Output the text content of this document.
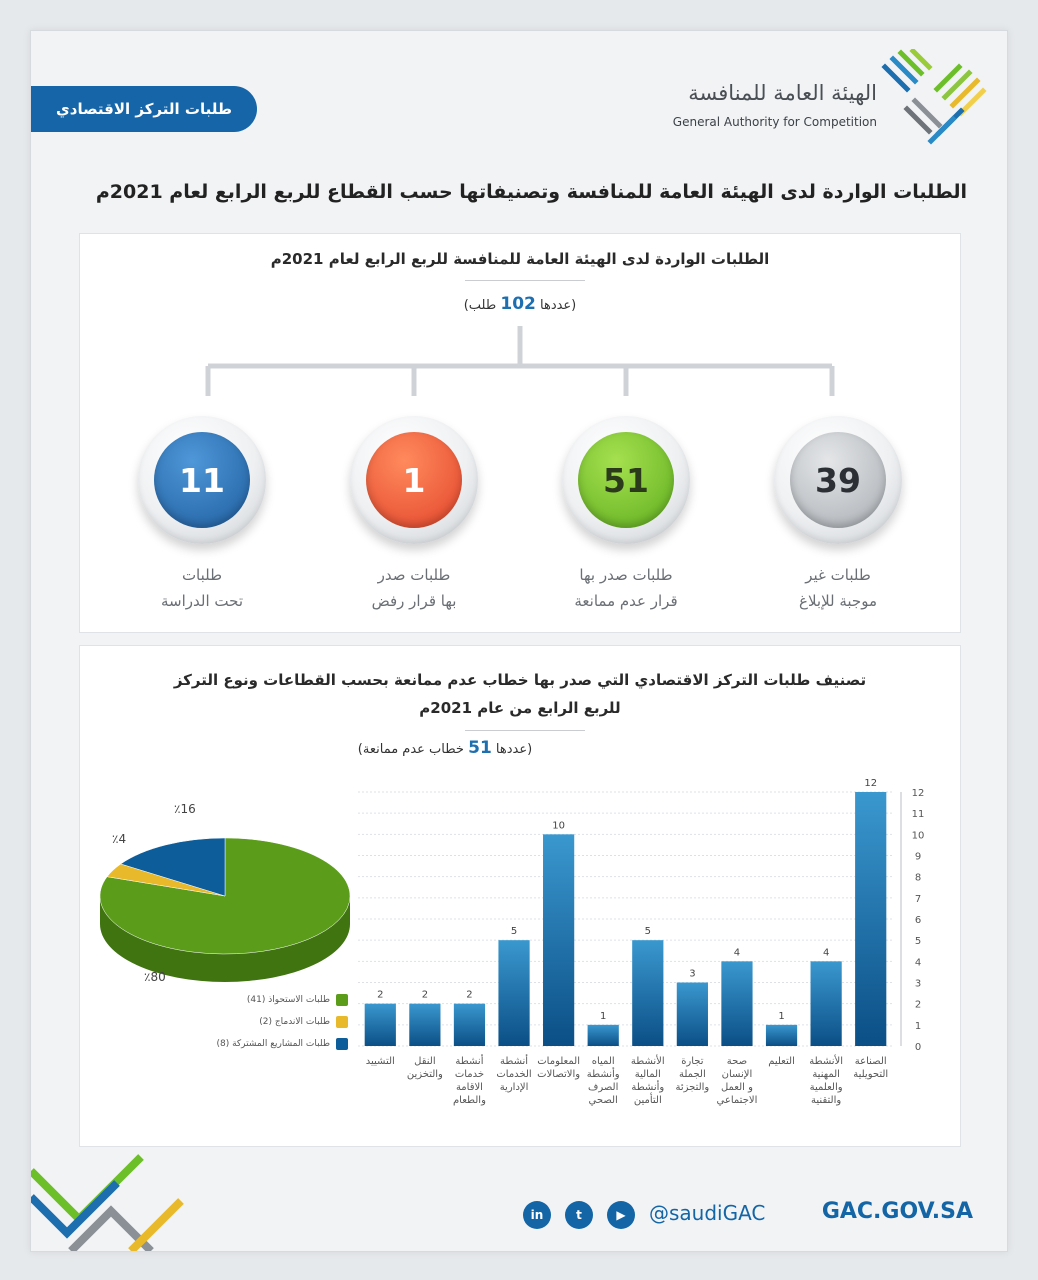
طلبات التركز الاقتصادي
الهيئة العامة للمنافسة
General Authority for Competition
الطلبات الواردة لدى الهيئة العامة للمنافسة وتصنيفاتها حسب القطاع للربع الرابع لعام 2021م
الطلبات الواردة لدى الهيئة العامة للمنافسة للربع الرابع لعام 2021م
(عددها 102 طلب)
39
51
1
11
طلبات غير
موجبة للإبلاغ
طلبات صدر بها
قرار عدم ممانعة
طلبات صدر
بها قرار رفض
طلبات
تحت الدراسة
تصنيف طلبات التركز الاقتصادي التي صدر بها خطاب عدم ممانعة بحسب القطاعات ونوع التركز
للربع الرابع من عام 2021م
(عددها 51 خطاب عدم ممانعة)
٪16
٪4
٪80
طلبات الاستحواذ (41)
طلبات الاندماج (2)
طلبات المشاريع المشتركة (8)	0
1
2
3
4
5
6
7
8
9
10
11
12
12
الصناعة
التحويلية
4
الأنشطة
المهنية
والعلمية
والتقنية
1
التعليم
4
صحة
الإنسان
و العمل
الاجتماعي
3
تجارة
الجملة
والتجزئة
5
الأنشطة
المالية
وأنشطة
التأمين
1
المياه
وأنشطة
الصرف
الصحي
10
المعلومات
والاتصالات
5
أنشطة
الخدمات
الإدارية
2
أنشطة
خدمات
الاقامة
والطعام
2
النقل
والتخزين
2
التشييد
in	t	▶	@saudiGAC	GAC.GOV.SA
